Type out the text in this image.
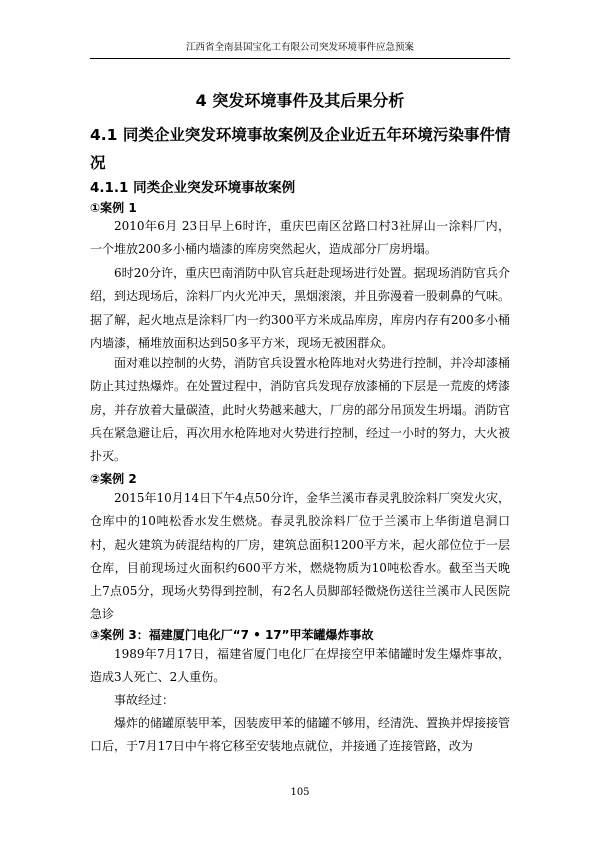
江西省全南县国宝化工有限公司突发环境事件应急预案
4 突发环境事件及其后果分析
4.1 同类企业突发环境事故案例及企业近五年环境污染事件情况
4.1.1 同类企业突发环境事故案例
①案例 1
2010年6月 23日早上6时许，重庆巴南区岔路口村3社屏山一涂料厂内，一个堆放200多小桶内墙漆的库房突然起火，造成部分厂房坍塌。
6时20分许，重庆巴南消防中队官兵赶赴现场进行处置。据现场消防官兵介绍，到达现场后，涂料厂内火光冲天，黑烟滚滚，并且弥漫着一股刺鼻的气味。据了解，起火地点是涂料厂内一约300平方米成品库房，库房内存有200多小桶内墙漆，桶堆放面积达到50多平方米，现场无被困群众。
面对难以控制的火势，消防官兵设置水枪阵地对火势进行控制，并冷却漆桶防止其过热爆炸。在处置过程中，消防官兵发现存放漆桶的下层是一荒废的烤漆房，并存放着大量碳渣，此时火势越来越大，厂房的部分吊顶发生坍塌。消防官兵在紧急避让后，再次用水枪阵地对火势进行控制，经过一小时的努力，大火被扑灭。
②案例 2
2015年10月14日下午4点50分许，金华兰溪市春灵乳胶涂料厂突发火灾，仓库中的10吨松香水发生燃烧。春灵乳胶涂料厂位于兰溪市上华街道皂洞口村，起火建筑为砖混结构的厂房，建筑总面积1200平方米，起火部位位于一层仓库，目前现场过火面积约600平方米，燃烧物质为10吨松香水。截至当天晚上7点05分，现场火势得到控制，有2名人员脚部轻微烧伤送往兰溪市人民医院急诊
③案例 3：福建厦门电化厂“7 • 17”甲苯罐爆炸事故
1989年7月17日，福建省厦门电化厂在焊接空甲苯储罐时发生爆炸事故，造成3人死亡、2人重伤。
事故经过：
爆炸的储罐原装甲苯，因装废甲苯的储罐不够用，经清洗、置换并焊接接管口后，于7月17日中午将它移至安装地点就位，并接通了连接管路，改为
105
